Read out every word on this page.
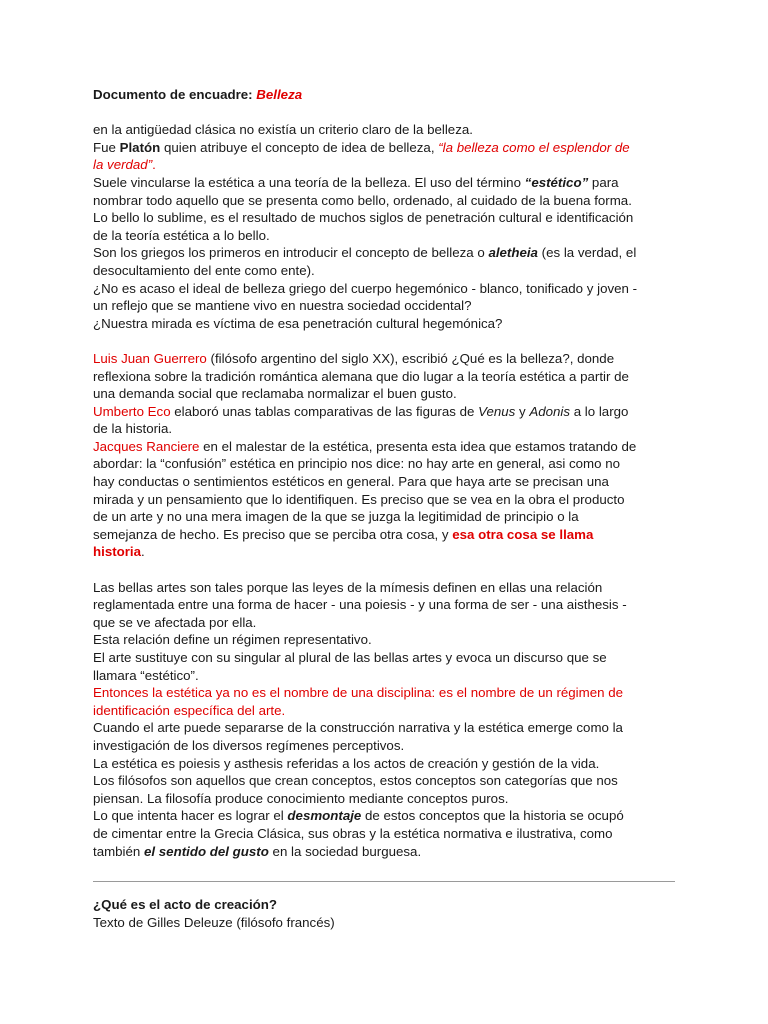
Documento de encuadre: Belleza
en la antigüedad clásica no existía un criterio claro de la belleza.
Fue Platón quien atribuye el concepto de idea de belleza, “la belleza como el esplendor de
la verdad”.
Suele vincularse la estética a una teoría de la belleza. El uso del término “estético” para
nombrar todo aquello que se presenta como bello, ordenado, al cuidado de la buena forma.
Lo bello lo sublime, es el resultado de muchos siglos de penetración cultural e identificación
de la teoría estética a lo bello.
Son los griegos los primeros en introducir el concepto de belleza o aletheia (es la verdad, el
desocultamiento del ente como ente).
¿No es acaso el ideal de belleza griego del cuerpo hegemónico - blanco, tonificado y joven -
un reflejo que se mantiene vivo en nuestra sociedad occidental?
¿Nuestra mirada es víctima de esa penetración cultural hegemónica?
Luis Juan Guerrero (filósofo argentino del siglo XX), escribió ¿Qué es la belleza?, donde
reflexiona sobre la tradición romántica alemana que dio lugar a la teoría estética a partir de
una demanda social que reclamaba normalizar el buen gusto.
Umberto Eco elaboró unas tablas comparativas de las figuras de Venus y Adonis a lo largo
de la historia.
Jacques Ranciere en el malestar de la estética, presenta esta idea que estamos tratando de
abordar: la “confusión” estética en principio nos dice: no hay arte en general, asi como no
hay conductas o sentimientos estéticos en general. Para que haya arte se precisan una
mirada y un pensamiento que lo identifiquen. Es preciso que se vea en la obra el producto
de un arte y no una mera imagen de la que se juzga la legitimidad de principio o la
semejanza de hecho. Es preciso que se perciba otra cosa, y esa otra cosa se llama
historia.
Las bellas artes son tales porque las leyes de la mímesis definen en ellas una relación
reglamentada entre una forma de hacer - una poiesis - y una forma de ser - una aisthesis -
que se ve afectada por ella.
Esta relación define un régimen representativo.
El arte sustituye con su singular al plural de las bellas artes y evoca un discurso que se
llamara “estético”.
Entonces la estética ya no es el nombre de una disciplina: es el nombre de un régimen de
identificación específica del arte.
Cuando el arte puede separarse de la construcción narrativa y la estética emerge como la
investigación de los diversos regímenes perceptivos.
La estética es poiesis y asthesis referidas a los actos de creación y gestión de la vida.
Los filósofos son aquellos que crean conceptos, estos conceptos son categorías que nos
piensan. La filosofía produce conocimiento mediante conceptos puros.
Lo que intenta hacer es lograr el desmontaje de estos conceptos que la historia se ocupó
de cimentar entre la Grecia Clásica, sus obras y la estética normativa e ilustrativa, como
también el sentido del gusto en la sociedad burguesa.
¿Qué es el acto de creación?
Texto de Gilles Deleuze (filósofo francés)
